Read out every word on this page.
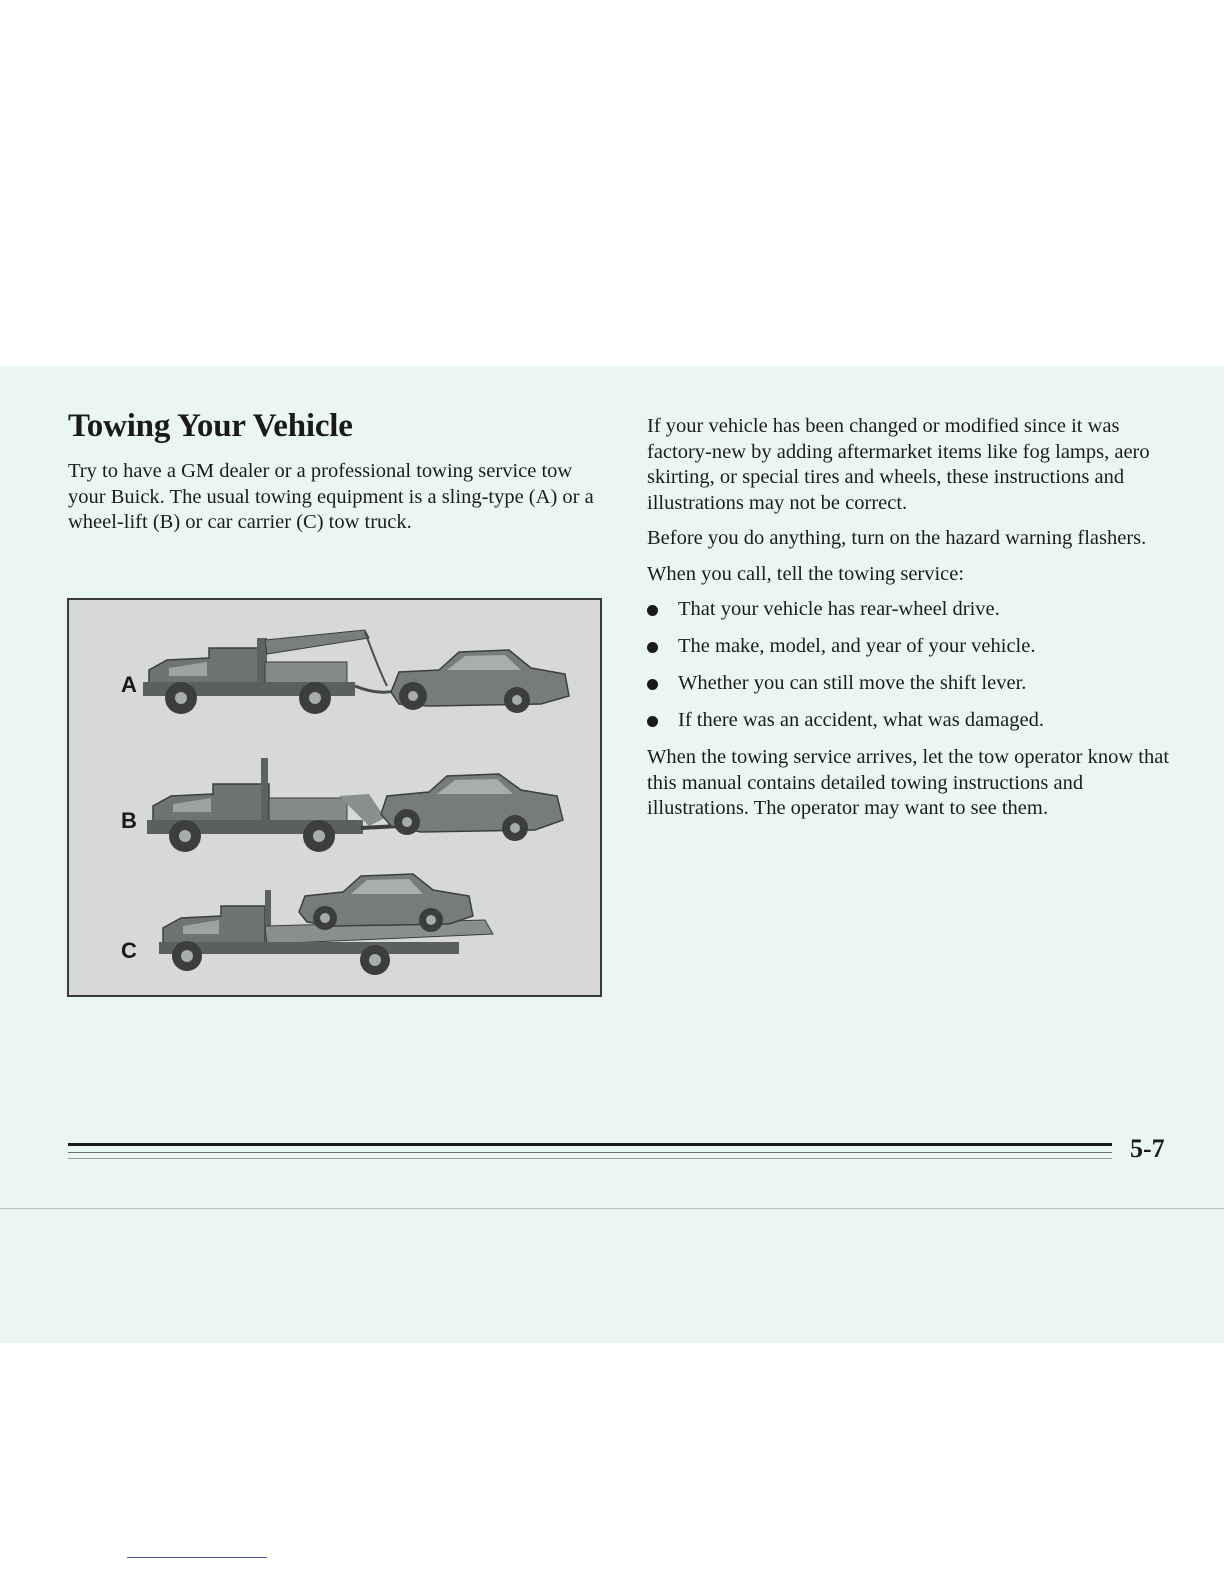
Towing Your Vehicle

Try to have a GM dealer or a professional towing service tow your Buick. The usual towing equipment is a sling-type (A) or a wheel-lift (B) or car carrier (C) tow truck.

A
B
C

If your vehicle has been changed or modified since it was factory-new by adding aftermarket items like fog lamps, aero skirting, or special tires and wheels, these instructions and illustrations may not be correct.

Before you do anything, turn on the hazard warning flashers.

When you call, tell the towing service:

That your vehicle has rear-wheel drive.
The make, model, and year of your vehicle.
Whether you can still move the shift lever.
If there was an accident, what was damaged.

When the towing service arrives, let the tow operator know that this manual contains detailed towing instructions and illustrations. The operator may want to see them.

5-7
